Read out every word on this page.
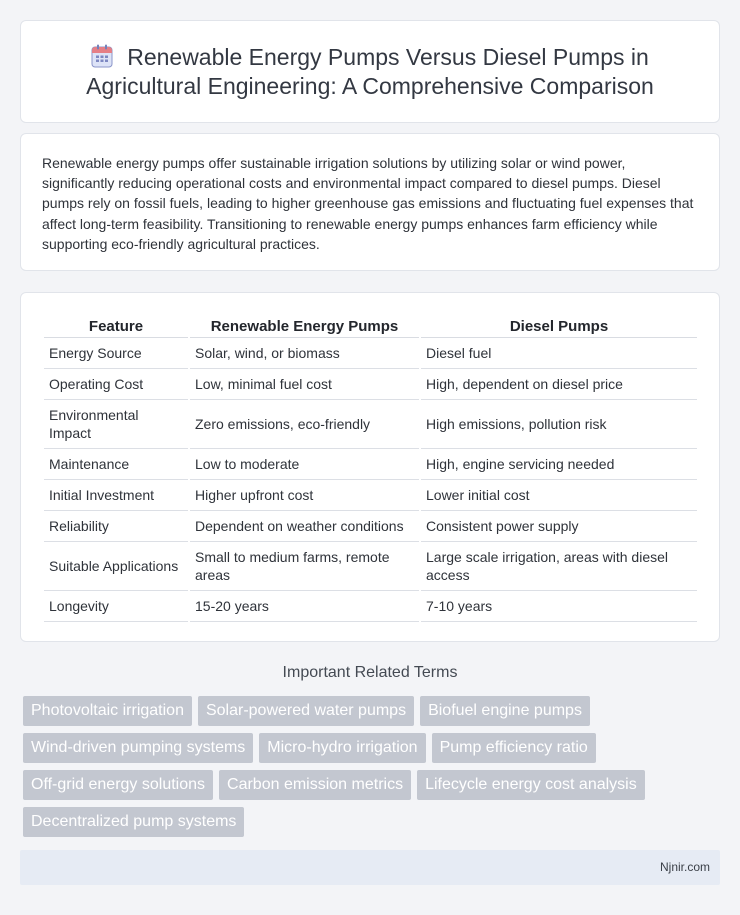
Renewable Energy Pumps Versus Diesel Pumps in Agricultural Engineering: A Comprehensive Comparison

Renewable energy pumps offer sustainable irrigation solutions by utilizing solar or wind power, significantly reducing operational costs and environmental impact compared to diesel pumps. Diesel pumps rely on fossil fuels, leading to higher greenhouse gas emissions and fluctuating fuel expenses that affect long-term feasibility. Transitioning to renewable energy pumps enhances farm efficiency while supporting eco-friendly agricultural practices.

Feature	Renewable Energy Pumps	Diesel Pumps
Energy Source	Solar, wind, or biomass	Diesel fuel
Operating Cost	Low, minimal fuel cost	High, dependent on diesel price
Environmental Impact	Zero emissions, eco-friendly	High emissions, pollution risk
Maintenance	Low to moderate	High, engine servicing needed
Initial Investment	Higher upfront cost	Lower initial cost
Reliability	Dependent on weather conditions	Consistent power supply
Suitable Applications	Small to medium farms, remote areas	Large scale irrigation, areas with diesel access
Longevity	15-20 years	7-10 years
Important Related Terms
Photovoltaic irrigation	Solar-powered water pumps	Biofuel engine pumps
Wind-driven pumping systems	Micro-hydro irrigation	Pump efficiency ratio
Off-grid energy solutions	Carbon emission metrics	Lifecycle energy cost analysis
Decentralized pump systems
Njnir.com
